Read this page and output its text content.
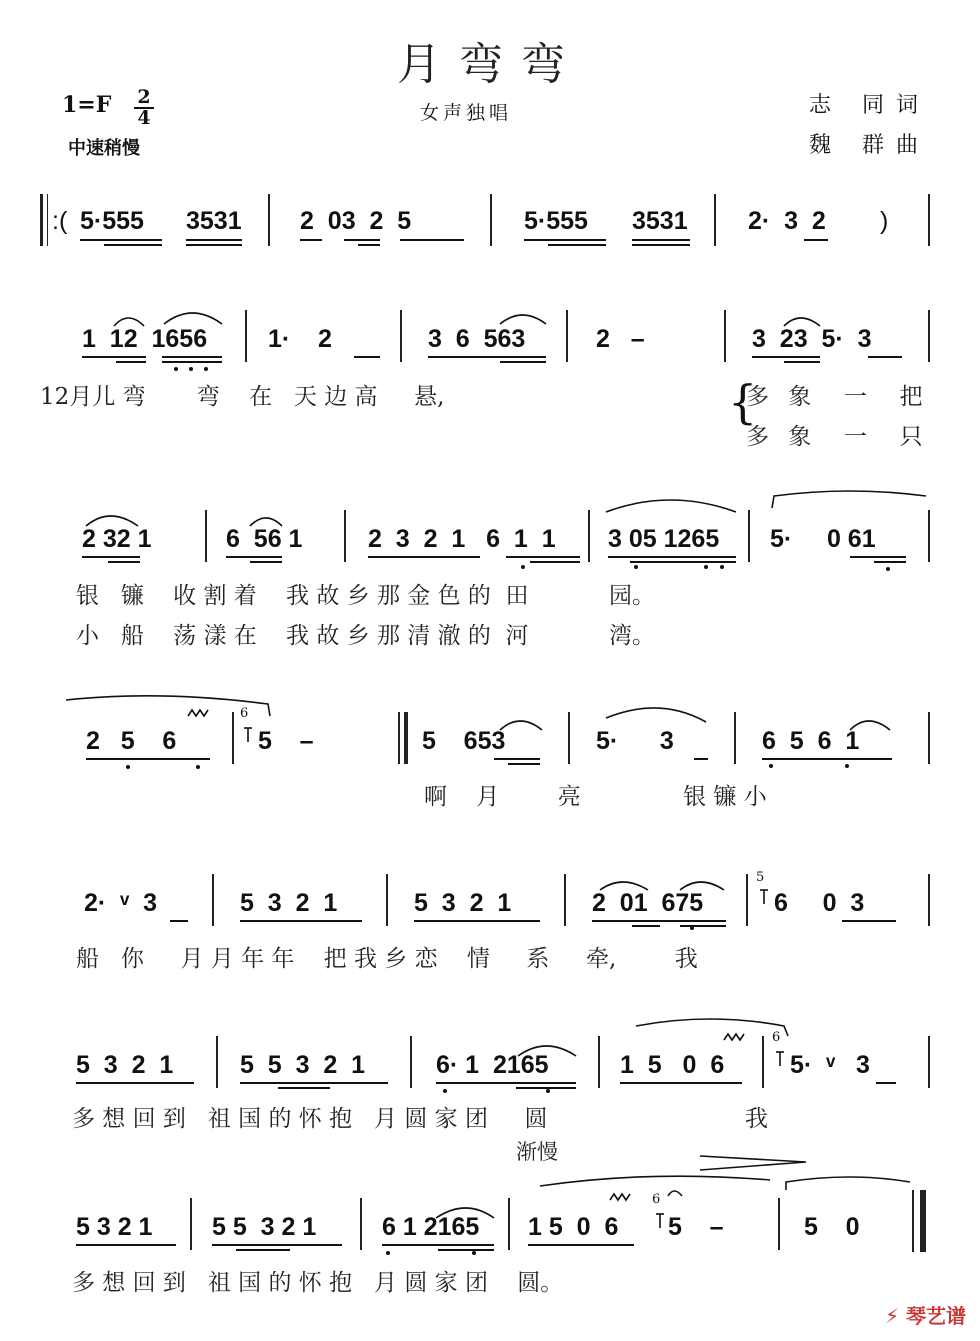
月弯弯
1=F 2
4
中速稍慢
女声独唱	志 同词
魏 群曲
:( 5·555 3531 2  03  2  5	5·555 3531 2·  3  2 )
1  12  1656 1·    2	3  6  563	2   –	3  23  5·  3
12月儿 弯       弯    在   天 边 高     悬,	{
多 象  一  把
多 象  一  只
2 32 1	6  56 1	2  3  2  1   6  1  1 3 05 1265 5·     0 61
银   镰    收 割 着    我 故 乡 那 金 色 的  田           园。
小   船    荡 漾 在    我 故 乡 那 清 澈 的  河           湾。
2   5    6
6
5    –	5    653	5·      3	6  5  6  1
啊    月        亮              银 镰 小
2·  ᵛ  3	5  3  2  1	5  3  2  1	2  01  675
5
6     0  3
船   你     月 月 年 年    把 我 乡 恋    情     系     牵,        我
5  3  2  1	5  5  3  2  1	6· 1  2165	1  5   0  6
6
5·  ᵛ   3
多 想 回 到   祖 国 的 怀 抱   月 圆 家 团     圆                           我
渐慢
5 3 2 1 5 5  3 2 1	6 1 2165 1 5  0  6
6
5    –	5    0
多 想 回 到   祖 国 的 怀 抱   月 圆 家 团    圆。
⚡ 琴艺谱
